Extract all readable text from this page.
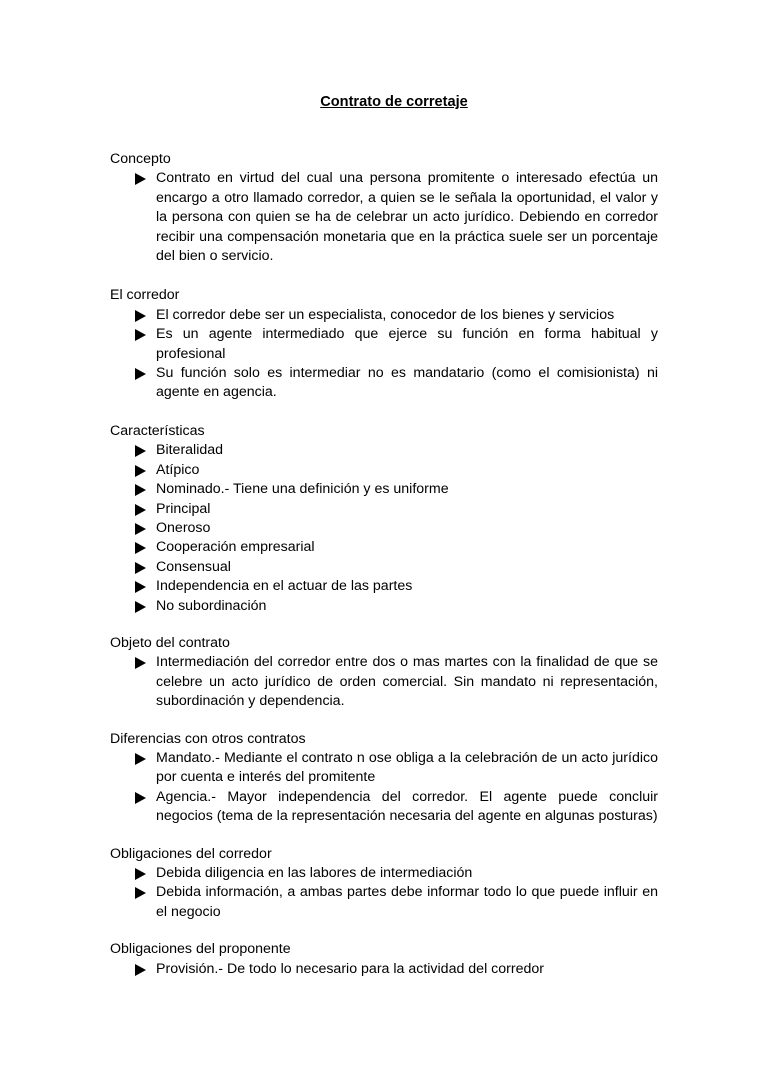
Contrato de corretaje
Concepto
Contrato en virtud del cual una persona promitente o interesado efectúa un encargo a otro llamado corredor, a quien se le señala la oportunidad, el valor y la persona con quien se ha de celebrar un acto jurídico. Debiendo en corredor recibir una compensación monetaria que en la práctica suele ser un porcentaje del bien o servicio.
El corredor
El corredor debe ser un especialista, conocedor de los bienes y servicios
Es un agente intermediado que ejerce su función en forma habitual y profesional
Su función solo es intermediar no es mandatario (como el comisionista) ni agente en agencia.
Características
Biteralidad
Atípico
Nominado.- Tiene una definición y es uniforme
Principal
Oneroso
Cooperación empresarial
Consensual
Independencia en el actuar de las partes
No subordinación
Objeto del contrato
Intermediación del corredor entre dos o mas martes con la finalidad de que se celebre un acto jurídico de orden comercial. Sin mandato ni representación, subordinación y dependencia.
Diferencias con otros contratos
Mandato.- Mediante el contrato n ose obliga a la celebración de un acto jurídico por cuenta e interés del promitente
Agencia.- Mayor independencia del corredor. El agente puede concluir negocios (tema de la representación necesaria del agente en algunas posturas)
Obligaciones del corredor
Debida diligencia en las labores de intermediación
Debida información, a ambas partes debe informar todo lo que puede influir en el negocio
Obligaciones del proponente
Provisión.- De todo lo necesario para la actividad del corredor
